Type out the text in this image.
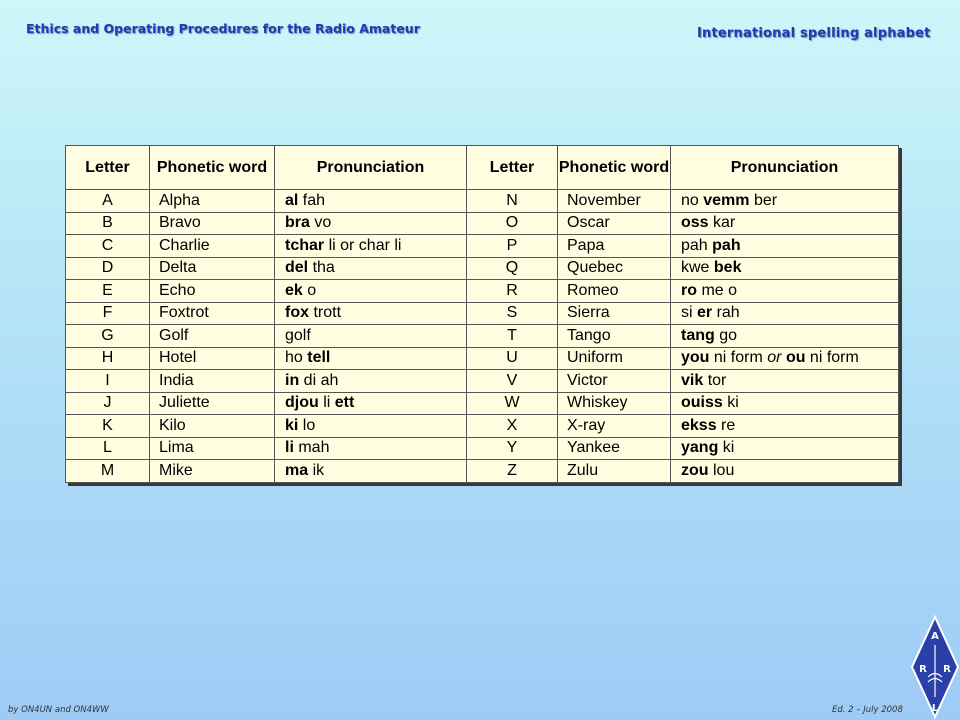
Ethics and Operating Procedures for the Radio Amateur	International spelling alphabet
Letter	Phonetic word	Pronunciation	Letter	Phonetic word	Pronunciation
A	Alpha	al fah	N	November	no vemm ber
B	Bravo	bra vo	O	Oscar	oss kar
C	Charlie	tchar li or char li	P	Papa	pah pah
D	Delta	del tha	Q	Quebec	kwe bek
E	Echo	ek o	R	Romeo	ro me o
F	Foxtrot	fox trott	S	Sierra	si er rah
G	Golf	golf	T	Tango	tang go
H	Hotel	ho tell	U	Uniform	you ni form or ou ni form
I	India	in di ah	V	Victor	vik tor
J	Juliette	djou li ett	W	Whiskey	ouiss ki
K	Kilo	ki lo	X	X-ray	ekss re
L	Lima	li mah	Y	Yankee	yang ki
M	Mike	ma ik	Z	Zulu	zou lou
by ON4UN and ON4WW	Ed. 2 – July 2008
A
R R
L
